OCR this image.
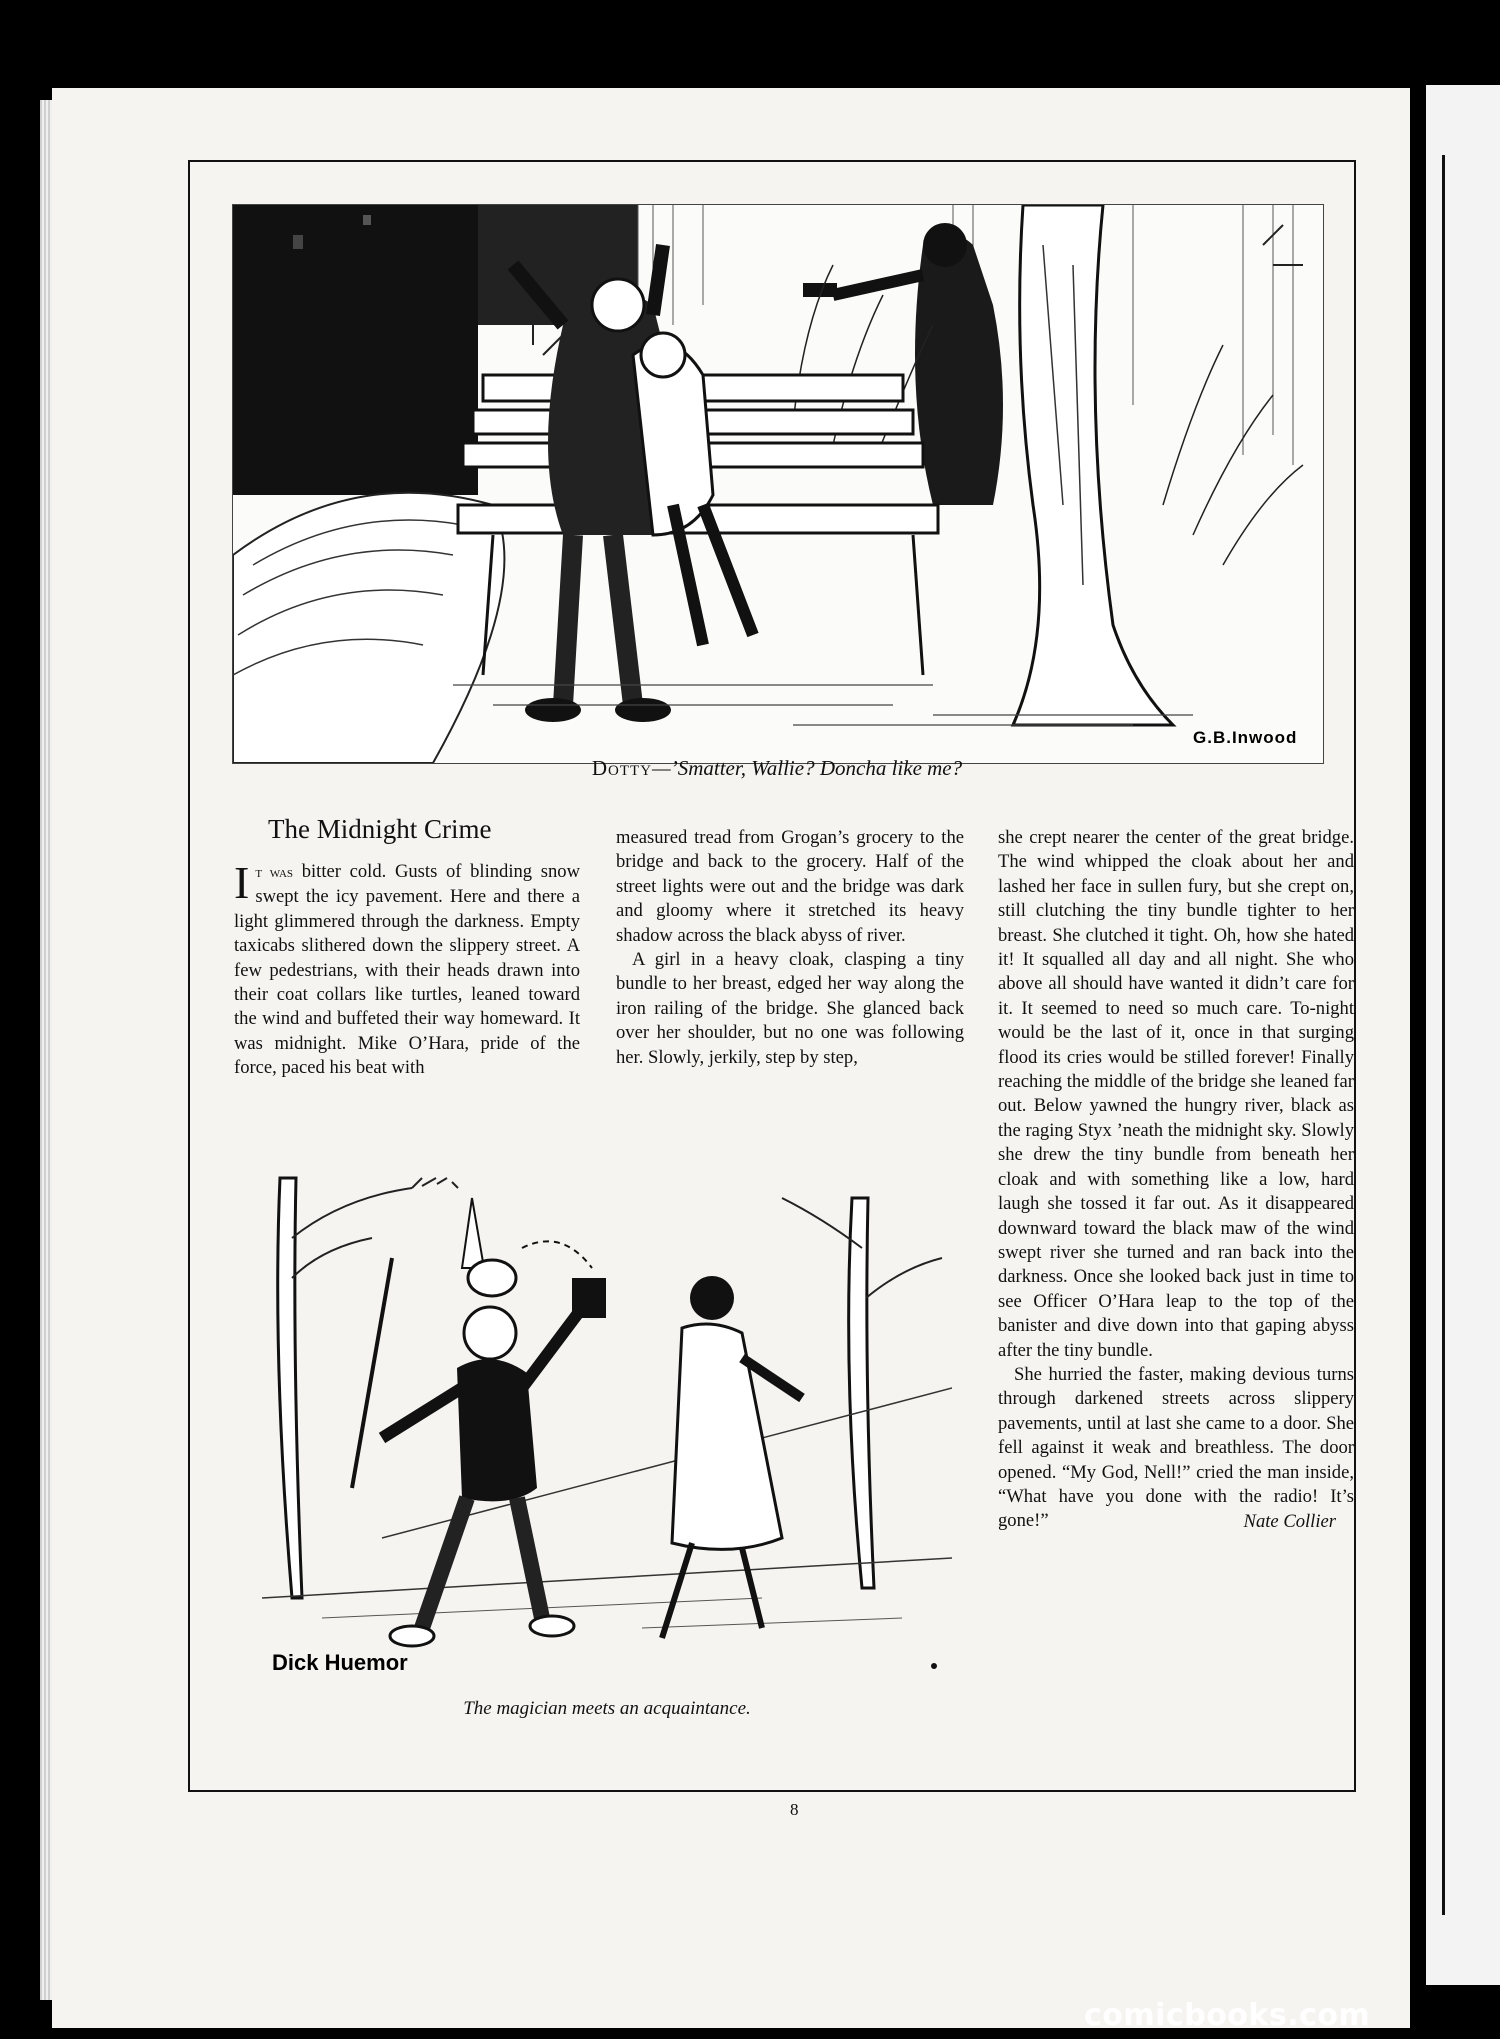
G.B.Inwood
Dotty—’Smatter, Wallie? Doncha like me?
The Midnight Crime

It was bitter cold. Gusts of blinding snow swept the icy pavement. Here and there a light glimmered through the darkness. Empty taxicabs slithered down the slippery street. A few pedestrians, with their heads drawn into their coat collars like turtles, leaned toward the wind and buffeted their way homeward. It was midnight. Mike O’Hara, pride of the force, paced his beat with

measured tread from Grogan’s grocery to the bridge and back to the grocery. Half of the street lights were out and the bridge was dark and gloomy where it stretched its heavy shadow across the black abyss of river.

A girl in a heavy cloak, clasping a tiny bundle to her breast, edged her way along the iron railing of the bridge. She glanced back over her shoulder, but no one was following her. Slowly, jerkily, step by step,

she crept nearer the center of the great bridge. The wind whipped the cloak about her and lashed her face in sullen fury, but she crept on, still clutching the tiny bundle tighter to her breast. She clutched it tight. Oh, how she hated it! It squalled all day and all night. She who above all should have wanted it didn’t care for it. It seemed to need so much care. To-night would be the last of it, once in that surging flood its cries would be stilled forever! Finally reaching the middle of the bridge she leaned far out. Below yawned the hungry river, black as the raging Styx ’neath the midnight sky. Slowly she drew the tiny bundle from beneath her cloak and with something like a low, hard laugh she tossed it far out. As it disappeared downward toward the black maw of the wind swept river she turned and ran back into the darkness. Once she looked back just in time to see Officer O’Hara leap to the top of the banister and dive down into that gaping abyss after the tiny bundle.

She hurried the faster, making devious turns through darkened streets across slippery pavements, until at last she came to a door. She fell against it weak and breathless. The door opened. “My God, Nell!” cried the man inside, “What have you done with the radio! It’s gone!”	Nate Collier
Dick Huemor
The magician meets an acquaintance.
8
comicbooks.com
